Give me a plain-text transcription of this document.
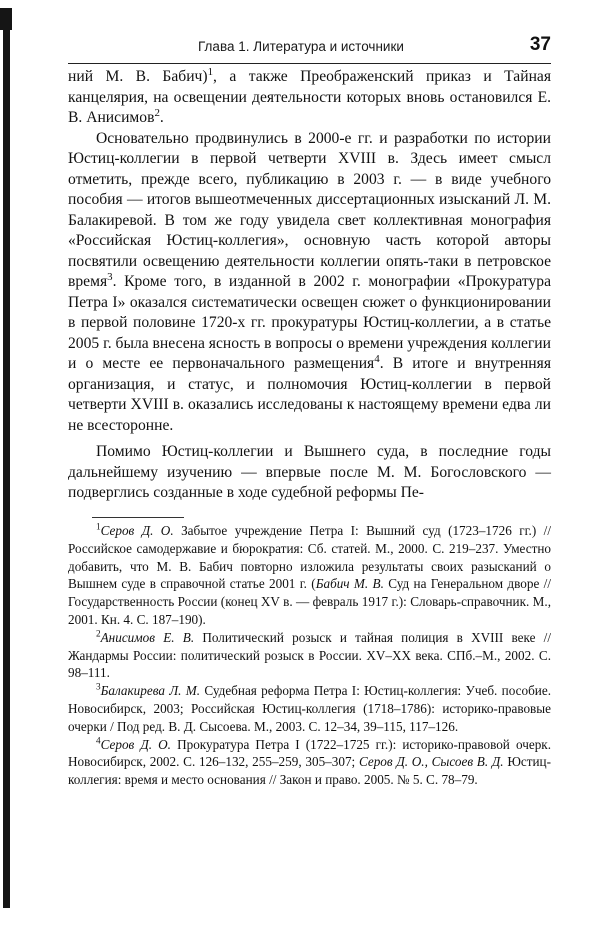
Глава 1. Литература и источники	37

ний М. В. Бабич)$^1$, а также Преображенский приказ и Тайная канцелярия, на освещении деятельности которых вновь остановился Е. В. Анисимов$^2$.

Основательно продвинулись в 2000-е гг. и разработки по истории Юстиц-коллегии в первой четверти XVIII в. Здесь имеет смысл отметить, прежде всего, публикацию в 2003 г. — в виде учебного пособия — итогов вышеотмеченных диссертационных изысканий Л. М. Балакиревой. В том же году увидела свет коллективная монография «Российская Юстиц-коллегия», основную часть которой авторы посвятили освещению деятельности коллегии опять-таки в петровское время$^3$. Кроме того, в изданной в 2002 г. монографии «Прокуратура Петра I» оказался систематически освещен сюжет о функционировании в первой половине 1720-х гг. прокуратуры Юстиц-коллегии, а в статье 2005 г. была внесена ясность в вопросы о времени учреждения коллегии и о месте ее первоначального размещения$^4$. В итоге и внутренняя организация, и статус, и полномочия Юстиц-коллегии в первой четверти XVIII в. оказались исследованы к настоящему времени едва ли не всесторонне.

Помимо Юстиц-коллегии и Вышнего суда, в последние годы дальнейшему изучению — впервые после М. М. Богословского — подверглись созданные в ходе судебной реформы Пе-

$^1$Серов Д. О. Забытое учреждение Петра I: Вышний суд (1723–1726 гг.) // Российское самодержавие и бюрократия: Сб. статей. М., 2000. С. 219–237. Уместно добавить, что М. В. Бабич повторно изложила результаты своих разысканий о Вышнем суде в справочной статье 2001 г. (Бабич М. В. Суд на Генеральном дворе // Государственность России (конец XV в. — февраль 1917 г.): Словарь-справочник. М., 2001. Кн. 4. С. 187–190).

$^2$Анисимов Е. В. Политический розыск и тайная полиция в XVIII веке // Жандармы России: политический розыск в России. XV–XX века. СПб.–М., 2002. С. 98–111.

$^3$Балакирева Л. М. Судебная реформа Петра I: Юстиц-коллегия: Учеб. пособие. Новосибирск, 2003; Российская Юстиц-коллегия (1718–1786): историко-правовые очерки / Под ред. В. Д. Сысоева. М., 2003. С. 12–34, 39–115, 117–126.

$^4$Серов Д. О. Прокуратура Петра I (1722–1725 гг.): историко-правовой очерк. Новосибирск, 2002. С. 126–132, 255–259, 305–307; Серов Д. О., Сысоев В. Д. Юстиц-коллегия: время и место основания // Закон и право. 2005. № 5. С. 78–79.
